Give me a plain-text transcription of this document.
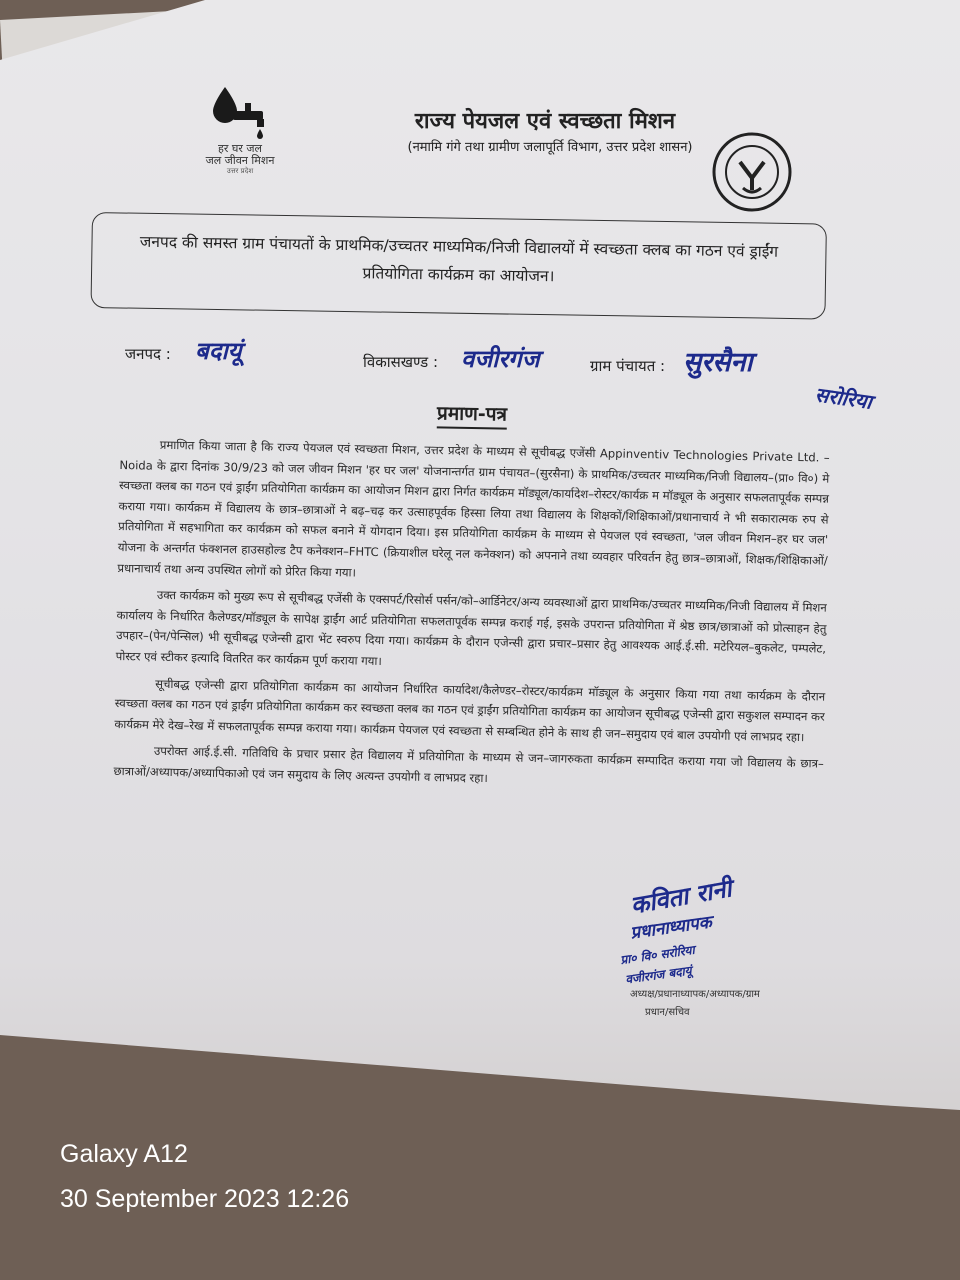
हर घर जल
जल जीवन मिशन
उत्तर प्रदेश
राज्य पेयजल एवं स्वच्छता मिशन
(नमामि गंगे तथा ग्रामीण जलापूर्ति विभाग, उत्तर प्रदेश शासन)
जनपद की समस्त ग्राम पंचायतों के प्राथमिक/उच्चतर माध्यमिक/निजी विद्यालयों में स्वच्छता क्लब का गठन एवं ड्राईंग प्रतियोगिता कार्यक्रम का आयोजन।
जनपद : बदायूं	विकासखण्ड : वजीरगंज	ग्राम पंचायत : सुरसैना
सरोरिया
प्रमाण-पत्र

प्रमाणित किया जाता है कि राज्य पेयजल एवं स्वच्छता मिशन, उत्तर प्रदेश के माध्यम से सूचीबद्ध एजेंसी Appinventiv Technologies Private Ltd. – Noida के द्वारा दिनांक 30/9/23 को जल जीवन मिशन 'हर घर जल' योजनान्तर्गत ग्राम पंचायत–(सुरसैना) के प्राथमिक/उच्चतर माध्यमिक/निजी विद्यालय–(प्रा० वि०) मे स्वच्छता क्लब का गठन एवं ड्राईंग प्रतियोगिता कार्यक्रम का आयोजन मिशन द्वारा निर्गत कार्यक्रम मॉड्यूल/कार्यादेश–रोस्टर/कार्यक्र म मॉड्यूल के अनुसार सफलतापूर्वक सम्पन्न कराया गया। कार्यक्रम में विद्यालय के छात्र–छात्राओं ने बढ़–चढ़ कर उत्साहपूर्वक हिस्सा लिया तथा विद्यालय के शिक्षकों/शिक्षिकाओं/प्रधानाचार्य ने भी सकारात्मक रुप से प्रतियोगिता में सहभागिता कर कार्यक्रम को सफल बनाने में योगदान दिया। इस प्रतियोगिता कार्यक्रम के माध्यम से पेयजल एवं स्वच्छता, 'जल जीवन मिशन–हर घर जल' योजना के अन्तर्गत फंक्शनल हाउसहोल्ड टैप कनेक्शन–FHTC (क्रियाशील घरेलू नल कनेक्शन) को अपनाने तथा व्यवहार परिवर्तन हेतु छात्र–छात्राओं, शिक्षक/शिक्षिकाओं/प्रधानाचार्य तथा अन्य उपस्थित लोगों को प्रेरित किया गया।

उक्त कार्यक्रम को मुख्य रूप से सूचीबद्ध एजेंसी के एक्सपर्ट/रिसोर्स पर्सन/को–आर्डिनेटर/अन्य व्यवस्थाओं द्वारा प्राथमिक/उच्चतर माध्यमिक/निजी विद्यालय में मिशन कार्यालय के निर्धारित कैलेण्डर/मॉड्यूल के सापेक्ष ड्राईंग आर्ट प्रतियोगिता सफलतापूर्वक सम्पन्न कराई गई, इसके उपरान्त प्रतियोगिता में श्रेष्ठ छात्र/छात्राओं को प्रोत्साहन हेतु उपहार–(पेन/पेन्सिल) भी सूचीबद्ध एजेन्सी द्वारा भेंट स्वरुप दिया गया। कार्यक्रम के दौरान एजेन्सी द्वारा प्रचार–प्रसार हेतु आवश्यक आई.ई.सी. मटेरियल–बुकलेट, पम्पलेट, पोस्टर एवं स्टीकर इत्यादि वितरित कर कार्यक्रम पूर्ण कराया गया।

सूचीबद्ध एजेन्सी द्वारा प्रतियोगिता कार्यक्रम का आयोजन निर्धारित कार्यादेश/कैलेण्डर–रोस्टर/कार्यक्रम मॉड्यूल के अनुसार किया गया तथा कार्यक्रम के दौरान स्वच्छता क्लब का गठन एवं ड्राईंग प्रतियोगिता कार्यक्रम कर स्वच्छता क्लब का गठन एवं ड्राईंग प्रतियोगिता कार्यक्रम का आयोजन सूचीबद्ध एजेन्सी द्वारा सकुशल सम्पादन कर कार्यक्रम मेरे देख–रेख में सफलतापूर्वक सम्पन्न कराया गया। कार्यक्रम पेयजल एवं स्वच्छता से सम्बन्धित होने के साथ ही जन–समुदाय एवं बाल उपयोगी एवं लाभप्रद रहा।

उपरोक्त आई.ई.सी. गतिविधि के प्रचार प्रसार हेत विद्यालय में प्रतियोगिता के माध्यम से जन–जागरुकता कार्यक्रम सम्पादित कराया गया जो विद्यालय के छात्र–छात्राओं/अध्यापक/अध्यापिकाओ एवं जन समुदाय के लिए अत्यन्त उपयोगी व लाभप्रद रहा।

कविता रानी
प्रधानाध्यापक
प्रा० वि० सरोरिया
वजीरगंज बदायूं
अध्यक्ष/प्रधानाध्यापक/अध्यापक/ग्राम
प्रधान/सचिव
Galaxy A12
30 September 2023 12:26
